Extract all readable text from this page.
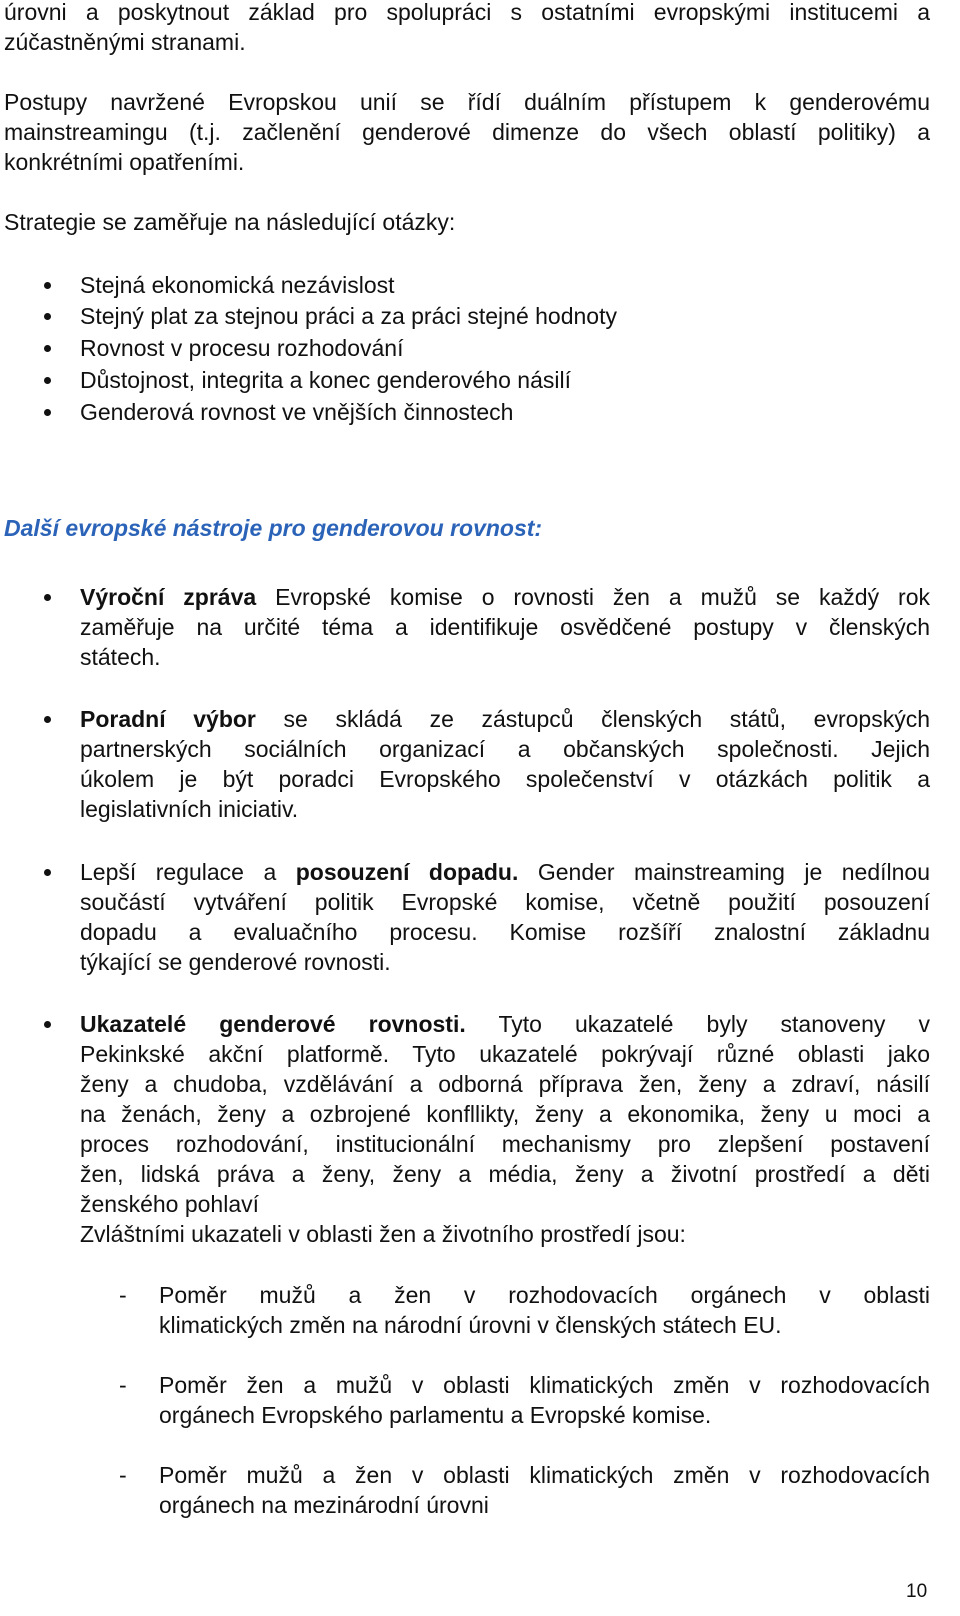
úrovni a poskytnout základ pro spolupráci s ostatními evropskými institucemi a
zúčastněnými stranami.
Postupy navržené Evropskou unií se řídí duálním přístupem k genderovému
mainstreamingu (t.j. začlenění genderové dimenze do všech oblastí politiky) a
konkrétními opatřeními.
Strategie se zaměřuje na následující otázky:
Stejná ekonomická nezávislost
Stejný plat za stejnou práci a za práci stejné hodnoty
Rovnost v procesu rozhodování
Důstojnost, integrita a konec genderového násilí
Genderová rovnost ve vnějších činnostech
Další evropské nástroje pro genderovou rovnost:
Výroční zpráva Evropské komise o rovnosti žen a mužů se každý rok
zaměřuje na určité téma a identifikuje osvědčené postupy v členských
státech.
Poradní výbor se skládá ze zástupců členských států, evropských
partnerských sociálních organizací a občanských společnosti. Jejich
úkolem je být poradci Evropského společenství v otázkách politik a
legislativních iniciativ.
Lepší regulace a posouzení dopadu. Gender mainstreaming je nedílnou
součástí vytváření politik Evropské komise, včetně použití posouzení
dopadu a evaluačního procesu. Komise rozšíří znalostní základnu
týkající se genderové rovnosti.
Ukazatelé genderové rovnosti. Tyto ukazatelé byly stanoveny v
Pekinkské akční platformě. Tyto ukazatelé pokrývají různé oblasti jako
ženy a chudoba, vzdělávání a odborná příprava žen, ženy a zdraví, násilí
na ženách, ženy a ozbrojené konfllikty, ženy a ekonomika, ženy u moci a
proces rozhodování, institucionální mechanismy pro zlepšení postavení
žen, lidská práva a ženy, ženy a média, ženy a životní prostředí a děti
ženského pohlaví
Zvláštními ukazateli v oblasti žen a životního prostředí jsou:
- Poměr mužů a žen v rozhodovacích orgánech v oblasti
klimatických změn na národní úrovni v členských státech EU.
- Poměr žen a mužů v oblasti klimatických změn v rozhodovacích
orgánech Evropského parlamentu a Evropské komise.
- Poměr mužů a žen v oblasti klimatických změn v rozhodovacích
orgánech na mezinárodní úrovni
10
